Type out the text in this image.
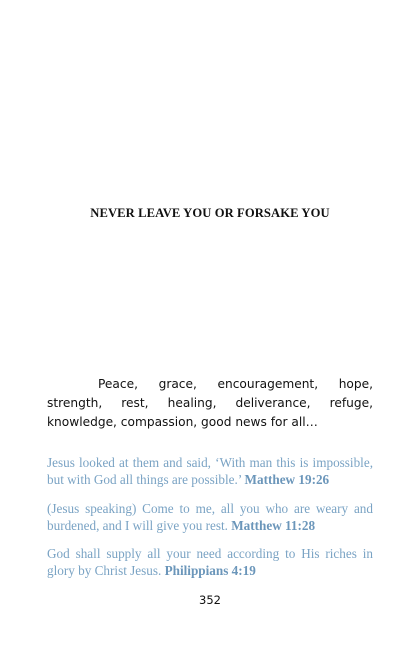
NEVER LEAVE YOU OR FORSAKE YOU

Peace, grace, encouragement, hope, strength, rest, healing, deliverance, refuge, knowledge, compassion, good news for all…

Jesus looked at them and said, ‘With man this is impossible, but with God all things are possible.’ Matthew 19:26

(Jesus speaking) Come to me, all you who are weary and burdened, and I will give you rest. Matthew 11:28

God shall supply all your need according to His riches in glory by Christ Jesus. Philippians 4:19

352
